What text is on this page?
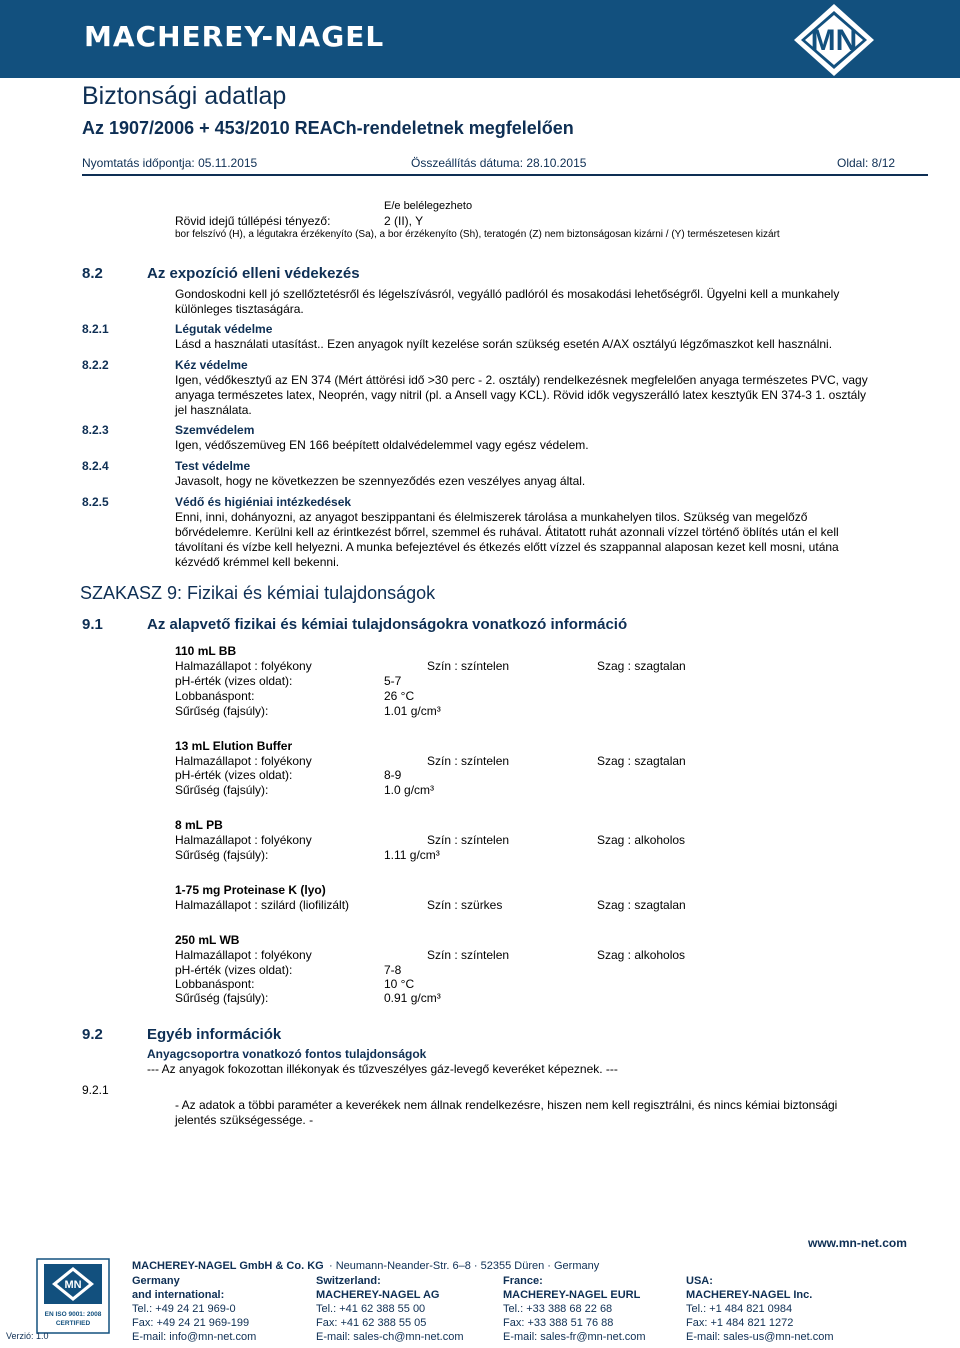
MACHEREY-NAGEL	MN
Biztonsági adatlap
Az 1907/2006 + 453/2010 REACh-rendeletnek megfelelően
Nyomtatás időpontja: 05.11.2015	Összeállítás dátuma: 28.10.2015	Oldal: 8/12
E/e belélegezheto
Rövid idejű túllépési tényező:	2 (II), Y
bor felszívó (H), a légutakra érzékenyíto (Sa), a bor érzékenyíto (Sh), teratogén (Z) nem biztonságosan kizárni / (Y) természetesen kizárt
8.2	Az expozíció elleni védekezés
Gondoskodni kell jó szellőztetésről és légelszívásról, vegyálló padlóról és mosakodási lehetőségről. Ügyelni kell a munkahely
különleges tisztaságára.
8.2.1	Légutak védelme
Lásd a használati utasítást.. Ezen anyagok nyílt kezelése során szükség esetén A/AX osztályú légzőmaszkot kell használni.
8.2.2	Kéz védelme
Igen, védőkesztyű az EN 374 (Mért áttörési idő >30 perc - 2. osztály) rendelkezésnek megfelelően anyaga természetes PVC, vagy
anyaga természetes latex, Neoprén, vagy nitril (pl. a Ansell vagy KCL). Rövid idők vegyszerálló latex kesztyűk EN 374-3 1. osztály
jel használata.
8.2.3	Szemvédelem
Igen, védőszemüveg EN 166 beépített oldalvédelemmel vagy egész védelem.
8.2.4	Test védelme
Javasolt, hogy ne következzen be szennyeződés ezen veszélyes anyag által.
8.2.5	Védő és higiéniai intézkedések
Enni, inni, dohányozni, az anyagot beszippantani és élelmiszerek tárolása a munkahelyen tilos. Szükség van megelőző
bőrvédelemre. Kerülni kell az érintkezést bőrrel, szemmel és ruhával. Átitatott ruhát azonnali vízzel történő öblítés után el kell
távolítani és vízbe kell helyezni. A munka befejeztével és étkezés előtt vízzel és szappannal alaposan kezet kell mosni, utána
kézvédő krémmel kell bekenni.
SZAKASZ 9: Fizikai és kémiai tulajdonságok
9.1	Az alapvető fizikai és kémiai tulajdonságokra vonatkozó információ
110 mL BB
Halmazállapot : folyékony	Szín : színtelen	Szag : szagtalan
pH-érték (vizes oldat):	5-7
Lobbanáspont:	26 °C
Sűrűség (fajsúly):	1.01 g/cm³
13 mL Elution Buffer
Halmazállapot : folyékony	Szín : színtelen	Szag : szagtalan
pH-érték (vizes oldat):	8-9
Sűrűség (fajsúly):	1.0 g/cm³
8 mL PB
Halmazállapot : folyékony	Szín : színtelen	Szag : alkoholos
Sűrűség (fajsúly):	1.11 g/cm³
1-75 mg Proteinase K (lyo)
Halmazállapot : szilárd (liofilizált)	Szín : szürkes	Szag : szagtalan
250 mL WB
Halmazállapot : folyékony	Szín : színtelen	Szag : alkoholos
pH-érték (vizes oldat):	7-8
Lobbanáspont:	10 °C
Sűrűség (fajsúly):	0.91 g/cm³
9.2	Egyéb információk
Anyagcsoportra vonatkozó fontos tulajdonságok
--- Az anyagok fokozottan illékonyak és tűzveszélyes gáz-levegő keveréket képeznek. ---
9.2.1
- Az adatok a többi paraméter a keverékek nem állnak rendelkezésre, hiszen nem kell regisztrálni, és nincs kémiai biztonsági
jelentés szükségessége. -
www.mn-net.com
MACHEREY-NAGEL GmbH & Co. KG · Neumann-Neander-Str. 6–8 · 52355 Düren · Germany
MN
EN ISO 9001: 2008
CERTIFIED
Verzió: 1.0
Germany
and international:
Tel.: +49 24 21 969-0
Fax: +49 24 21 969-199
E-mail: info@mn-net.com
Switzerland:
MACHEREY-NAGEL AG
Tel.: +41 62 388 55 00
Fax: +41 62 388 55 05
E-mail: sales-ch@mn-net.com
France:
MACHEREY-NAGEL EURL
Tel.: +33 388 68 22 68
Fax: +33 388 51 76 88
E-mail: sales-fr@mn-net.com
USA:
MACHEREY-NAGEL Inc.
Tel.: +1 484 821 0984
Fax: +1 484 821 1272
E-mail: sales-us@mn-net.com
